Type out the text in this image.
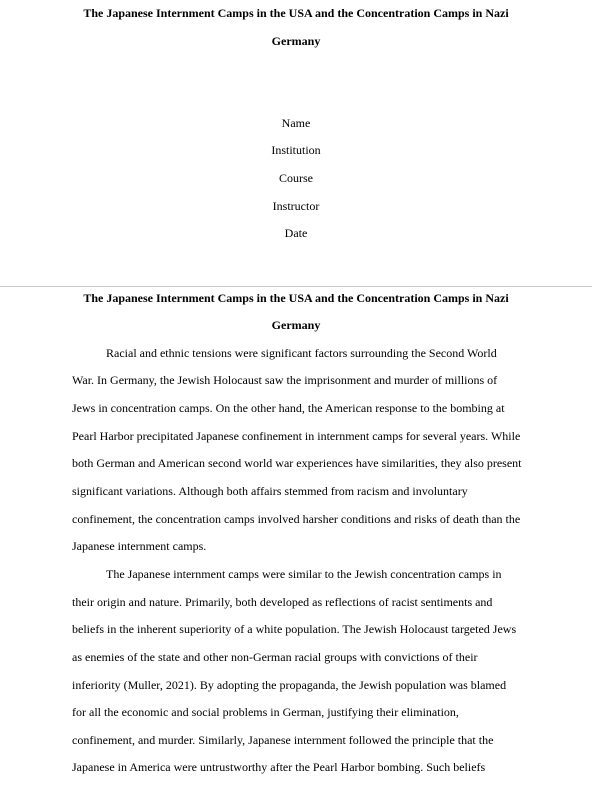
The Japanese Internment Camps in the USA and the Concentration Camps in Nazi

Germany

Name

Institution

Course

Instructor

Date

The Japanese Internment Camps in the USA and the Concentration Camps in Nazi

Germany

Racial and ethnic tensions were significant factors surrounding the Second World

War. In Germany, the Jewish Holocaust saw the imprisonment and murder of millions of

Jews in concentration camps. On the other hand, the American response to the bombing at

Pearl Harbor precipitated Japanese confinement in internment camps for several years. While

both German and American second world war experiences have similarities, they also present

significant variations. Although both affairs stemmed from racism and involuntary

confinement, the concentration camps involved harsher conditions and risks of death than the

Japanese internment camps.

The Japanese internment camps were similar to the Jewish concentration camps in

their origin and nature. Primarily, both developed as reflections of racist sentiments and

beliefs in the inherent superiority of a white population. The Jewish Holocaust targeted Jews

as enemies of the state and other non-German racial groups with convictions of their

inferiority (Muller, 2021). By adopting the propaganda, the Jewish population was blamed

for all the economic and social problems in German, justifying their elimination,

confinement, and murder. Similarly, Japanese internment followed the principle that the

Japanese in America were untrustworthy after the Pearl Harbor bombing. Such beliefs
